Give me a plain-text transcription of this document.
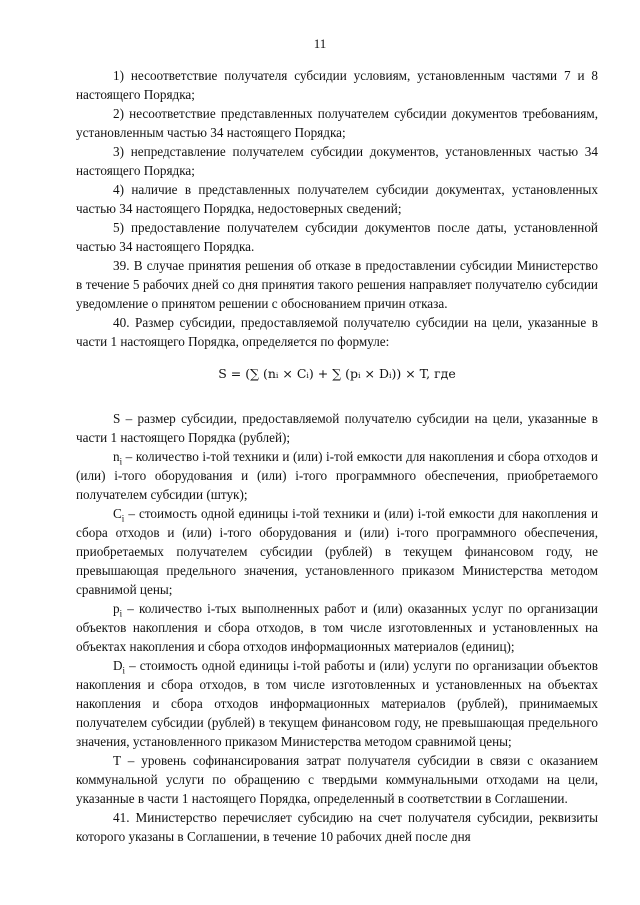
11

1) несоответствие получателя субсидии условиям, установленным частями 7 и 8 настоящего Порядка;

2) несоответствие представленных получателем субсидии документов требованиям, установленным частью 34 настоящего Порядка;

3) непредставление получателем субсидии документов, установленных частью 34 настоящего Порядка;

4) наличие в представленных получателем субсидии документах, установленных частью 34 настоящего Порядка, недостоверных сведений;

5) предоставление получателем субсидии документов после даты, установленной частью 34 настоящего Порядка.

39. В случае принятия решения об отказе в предоставлении субсидии Министерство в течение 5 рабочих дней со дня принятия такого решения направляет получателю субсидии уведомление о принятом решении с обоснованием причин отказа.

40. Размер субсидии, предоставляемой получателю субсидии на цели, указанные в части 1 настоящего Порядка, определяется по формуле:

S = (∑ (nᵢ × Cᵢ) + ∑ (pᵢ × Dᵢ)) × T, где

S – размер субсидии, предоставляемой получателю субсидии на цели, указанные в части 1 настоящего Порядка (рублей);

$n_i$ – количество i-той техники и (или) i-той емкости для накопления и сбора отходов и (или) i-того оборудования и (или) i-того программного обеспечения, приобретаемого получателем субсидии (штук);

$C_i$ – стоимость одной единицы i-той техники и (или) i-той емкости для накопления и сбора отходов и (или) i-того оборудования и (или) i-того программного обеспечения, приобретаемых получателем субсидии (рублей) в текущем финансовом году, не превышающая предельного значения, установленного приказом Министерства методом сравнимой цены;

$p_i$ – количество i-тых выполненных работ и (или) оказанных услуг по организации объектов накопления и сбора отходов, в том числе изготовленных и установленных на объектах накопления и сбора отходов информационных материалов (единиц);

$D_i$ – стоимость одной единицы i-той работы и (или) услуги по организации объектов накопления и сбора отходов, в том числе изготовленных и установленных на объектах накопления и сбора отходов информационных материалов (рублей), принимаемых получателем субсидии (рублей) в текущем финансовом году, не превышающая предельного значения, установленного приказом Министерства методом сравнимой цены;

T – уровень софинансирования затрат получателя субсидии в связи с оказанием коммунальной услуги по обращению с твердыми коммунальными отходами на цели, указанные в части 1 настоящего Порядка, определенный в соответствии в Соглашении.

41. Министерство перечисляет субсидию на счет получателя субсидии, реквизиты которого указаны в Соглашении, в течение 10 рабочих дней после дня
